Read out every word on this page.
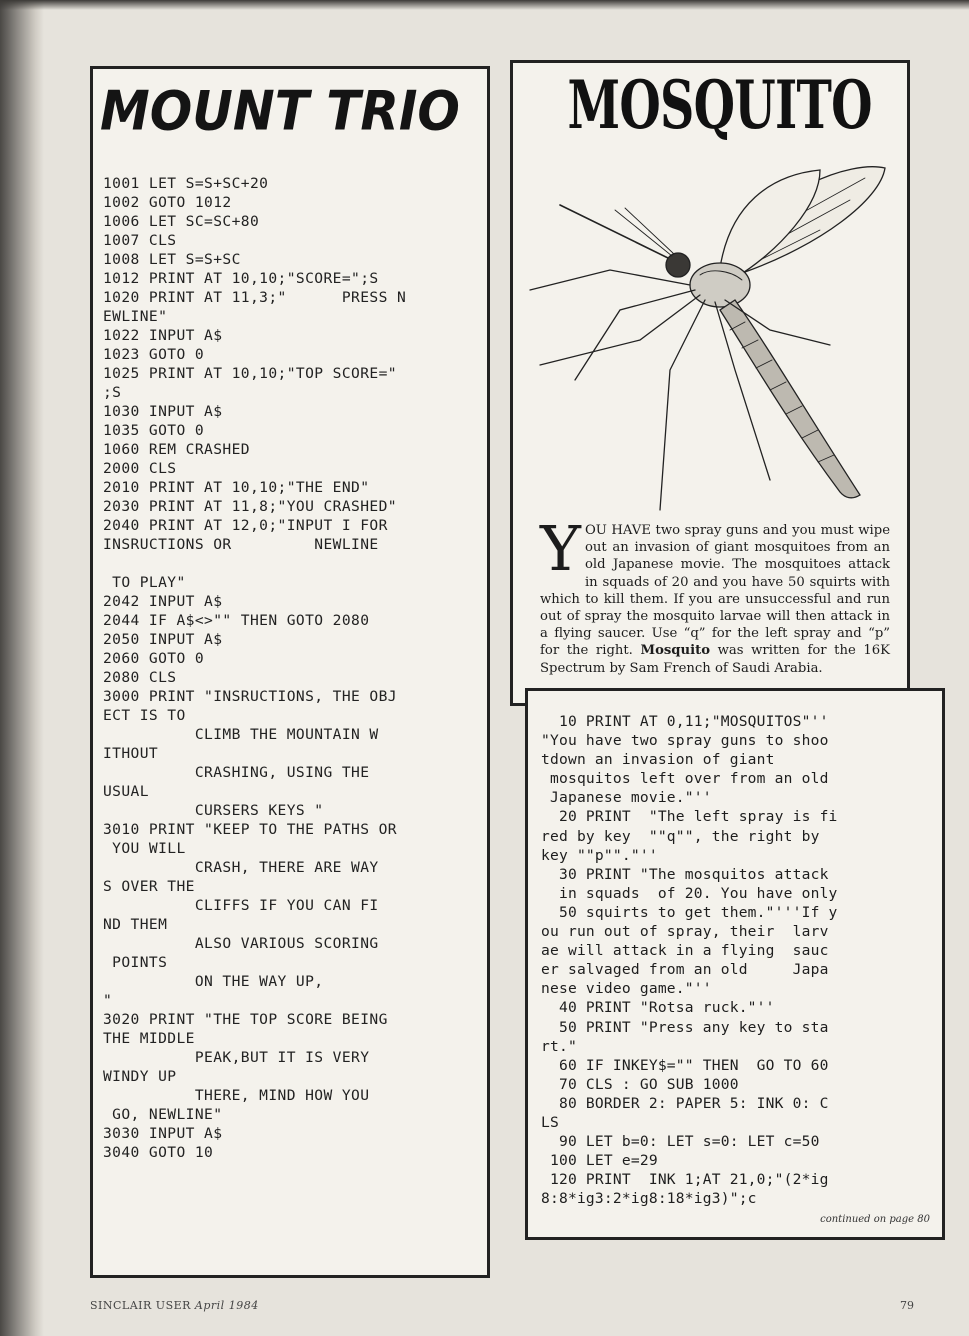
MOUNT TRIO
1001 LET S=S+SC+20
1002 GOTO 1012
1006 LET SC=SC+80
1007 CLS
1008 LET S=S+SC
1012 PRINT AT 10,10;"SCORE=";S
1020 PRINT AT 11,3;"      PRESS N
EWLINE"
1022 INPUT A$
1023 GOTO 0
1025 PRINT AT 10,10;"TOP SCORE="
;S
1030 INPUT A$
1035 GOTO 0
1060 REM CRASHED
2000 CLS
2010 PRINT AT 10,10;"THE END"
2030 PRINT AT 11,8;"YOU CRASHED"
2040 PRINT AT 12,0;"INPUT I FOR
INSRUCTIONS OR         NEWLINE

TO PLAY"
2042 INPUT A$
2044 IF A$<>"" THEN GOTO 2080
2050 INPUT A$
2060 GOTO 0
2080 CLS
3000 PRINT "INSRUCTIONS, THE OBJ
ECT IS TO
CLIMB THE MOUNTAIN W
ITHOUT
CRASHING, USING THE
USUAL
CURSERS KEYS "
3010 PRINT "KEEP TO THE PATHS OR
YOU WILL
CRASH, THERE ARE WAY
S OVER THE
CLIFFS IF YOU CAN FI
ND THEM
ALSO VARIOUS SCORING
POINTS
ON THE WAY UP,
"
3020 PRINT "THE TOP SCORE BEING
THE MIDDLE
PEAK,BUT IT IS VERY
WINDY UP
THERE, MIND HOW YOU
GO, NEWLINE"
3030 INPUT A$
3040 GOTO 10
MOSQUITO
YOU HAVE two spray guns and you must wipe out an invasion of giant mosquitoes from an old Japanese movie. The mosquitoes attack in squads of 20 and you have 50 squirts with which to kill them. If you are unsuccessful and run out of spray the mosquito larvae will then attack in a flying saucer. Use “q” for the left spray and “p” for the right. Mosquito was written for the 16K Spectrum by Sam French of Saudi Arabia.
10 PRINT AT 0,11;"MOSQUITOS"''
"You have two spray guns to shoo
tdown an invasion of giant
mosquitos left over from an old
Japanese movie."''
20 PRINT  "The left spray is fi
red by key  ""q"", the right by
key ""p""."''
30 PRINT "The mosquitos attack
in squads  of 20. You have only
50 squirts to get them."'''If y
ou run out of spray, their  larv
ae will attack in a flying  sauc
er salvaged from an old     Japa
nese video game."''
40 PRINT "Rotsa ruck."''
50 PRINT "Press any key to sta
rt."
60 IF INKEY$="" THEN  GO TO 60
70 CLS : GO SUB 1000
80 BORDER 2: PAPER 5: INK 0: C
LS
90 LET b=0: LET s=0: LET c=50
100 LET e=29
120 PRINT  INK 1;AT 21,0;"(2*ig
8:8*ig3:2*ig8:18*ig3)";c
continued on page 80
SINCLAIR USER April 1984	79
